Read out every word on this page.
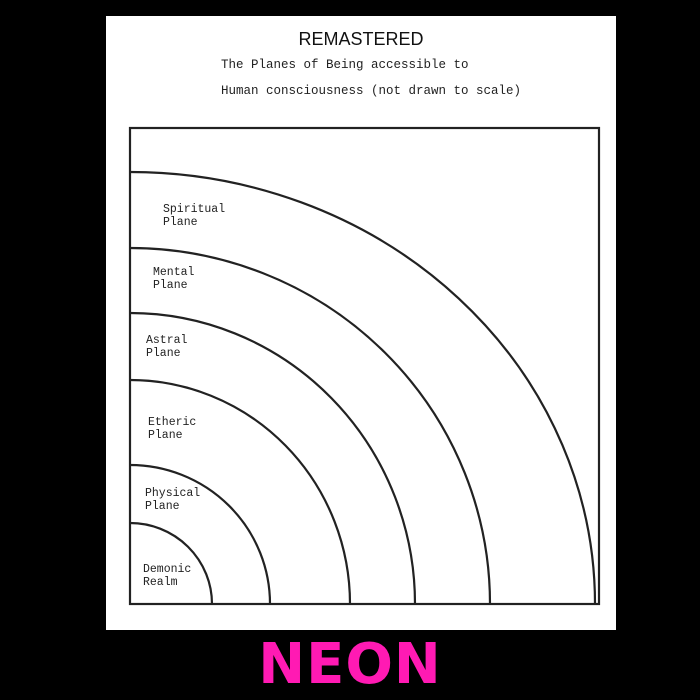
REMASTERED
The Planes of Being accessible to
Human consciousness (not drawn to scale)
Spiritual
Plane
Mental
Plane
Astral
Plane
Etheric
Plane
Physical
Plane
Demonic
Realm
NEON
